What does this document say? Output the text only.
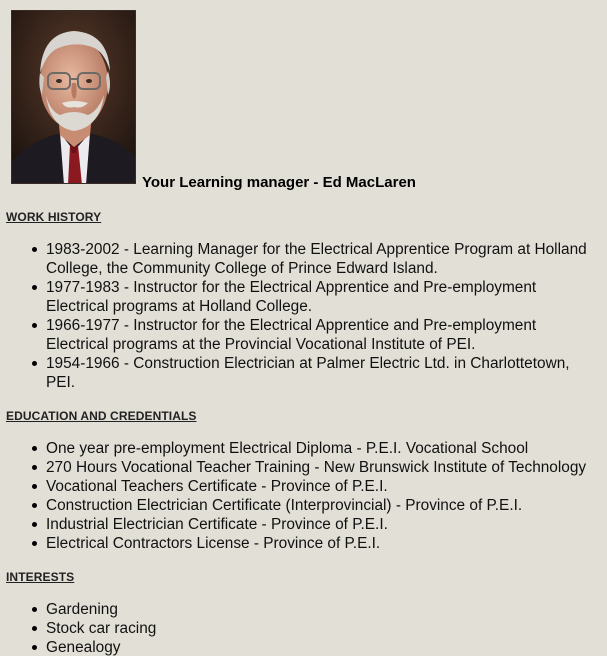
Your Learning manager - Ed MacLaren
WORK HISTORY
1983-2002 - Learning Manager for the Electrical Apprentice Program at Holland College, the Community College of Prince Edward Island.
1977-1983 - Instructor for the Electrical Apprentice and Pre-employment Electrical programs at Holland College.
1966-1977 - Instructor for the Electrical Apprentice and Pre-employment Electrical programs at the Provincial Vocational Institute of PEI.
1954-1966 - Construction Electrician at Palmer Electric Ltd. in Charlottetown, PEI.
EDUCATION AND CREDENTIALS
One year pre-employment Electrical Diploma - P.E.I. Vocational School
270 Hours Vocational Teacher Training - New Brunswick Institute of Technology
Vocational Teachers Certificate - Province of P.E.I.
Construction Electrician Certificate (Interprovincial) - Province of P.E.I.
Industrial Electrician Certificate - Province of P.E.I.
Electrical Contractors License - Province of P.E.I.
INTERESTS
Gardening
Stock car racing
Genealogy
